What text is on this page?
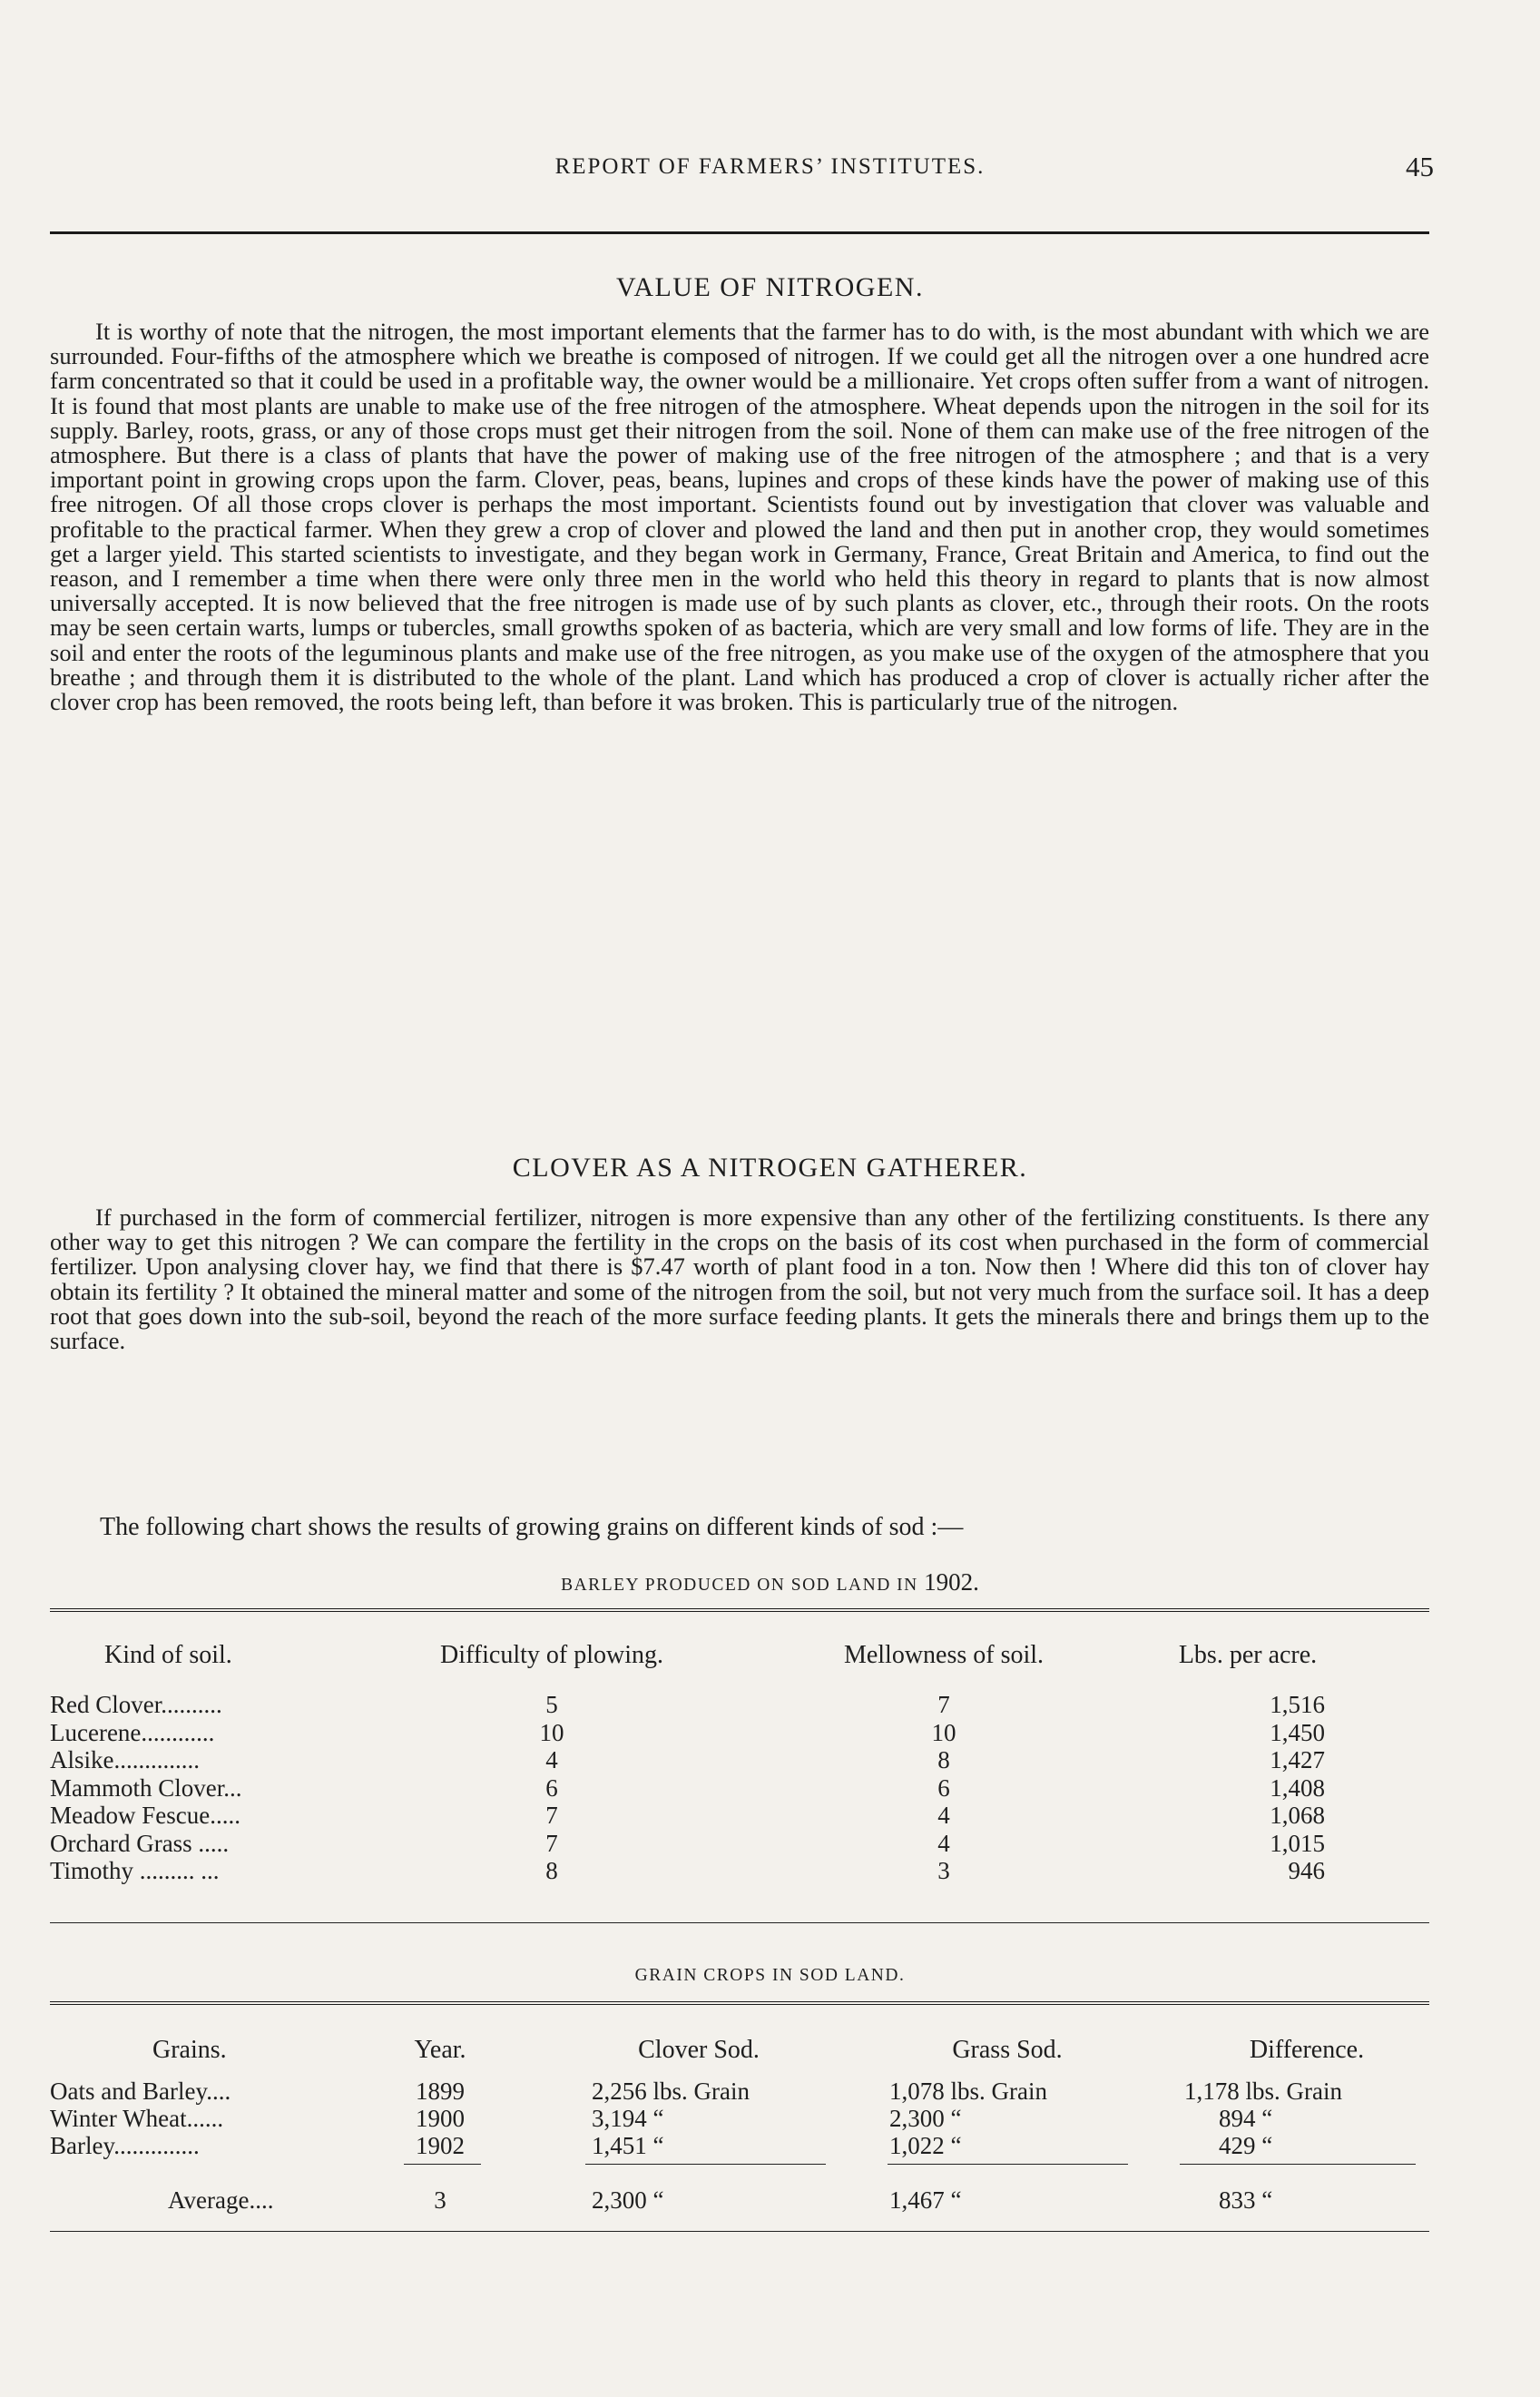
REPORT OF FARMERS’ INSTITUTES.	45
VALUE OF NITROGEN.

It is worthy of note that the nitrogen, the most important elements that the farmer has to do with, is the most abundant with which we are surrounded. Four-fifths of the atmosphere which we breathe is composed of nitrogen. If we could get all the nitrogen over a one hundred acre farm concentrated so that it could be used in a profitable way, the owner would be a millionaire. Yet crops often suffer from a want of nitrogen. It is found that most plants are unable to make use of the free nitrogen of the atmosphere. Wheat depends upon the nitrogen in the soil for its supply. Barley, roots, grass, or any of those crops must get their nitrogen from the soil. None of them can make use of the free nitrogen of the atmosphere. But there is a class of plants that have the power of making use of the free nitrogen of the atmosphere ; and that is a very important point in growing crops upon the farm. Clover, peas, beans, lupines and crops of these kinds have the power of making use of this free nitrogen. Of all those crops clover is perhaps the most important. Scientists found out by investigation that clover was valuable and profitable to the practical farmer. When they grew a crop of clover and plowed the land and then put in another crop, they would sometimes get a larger yield. This started scientists to investigate, and they began work in Germany, France, Great Britain and America, to find out the reason, and I remember a time when there were only three men in the world who held this theory in regard to plants that is now almost universally accepted. It is now believed that the free nitrogen is made use of by such plants as clover, etc., through their roots. On the roots may be seen certain warts, lumps or tubercles, small growths spoken of as bacteria, which are very small and low forms of life. They are in the soil and enter the roots of the leguminous plants and make use of the free nitrogen, as you make use of the oxygen of the atmosphere that you breathe ; and through them it is distributed to the whole of the plant. Land which has produced a crop of clover is actually richer after the clover crop has been removed, the roots being left, than before it was broken. This is particularly true of the nitrogen.

CLOVER AS A NITROGEN GATHERER.

If purchased in the form of commercial fertilizer, nitrogen is more expensive than any other of the fertilizing constituents. Is there any other way to get this nitrogen ? We can compare the fertility in the crops on the basis of its cost when purchased in the form of commercial fertilizer. Upon analysing clover hay, we find that there is $7.47 worth of plant food in a ton. Now then ! Where did this ton of clover hay obtain its fertility ? It obtained the mineral matter and some of the nitrogen from the soil, but not very much from the surface soil. It has a deep root that goes down into the sub-soil, beyond the reach of the more surface feeding plants. It gets the minerals there and brings them up to the surface.

The following chart shows the results of growing grains on different kinds of sod :—
BARLEY PRODUCED ON SOD LAND IN 1902.
Kind of soil.	Difficulty of plowing.	Mellowness of soil.	Lbs. per acre.
Red Clover..........	5	7	1,516
Lucerene............	10	10	1,450
Alsike..............	4	8	1,427
Mammoth Clover...	6	6	1,408
Meadow Fescue.....	7	4	1,068
Orchard Grass .....	7	4	1,015
Timothy ......... ...	8	3	946
GRAIN CROPS IN SOD LAND.
Grains.	Year.	Clover Sod.	Grass Sod.	Difference.
Oats and Barley....	1899	2,256 lbs. Grain	1,078 lbs. Grain	1,178 lbs. Grain
Winter Wheat......	1900	3,194 “	2,300 “	894 “
Barley..............	1902	1,451 “	1,022 “	429 “
Average....	3	2,300 “	1,467 “	833 “
